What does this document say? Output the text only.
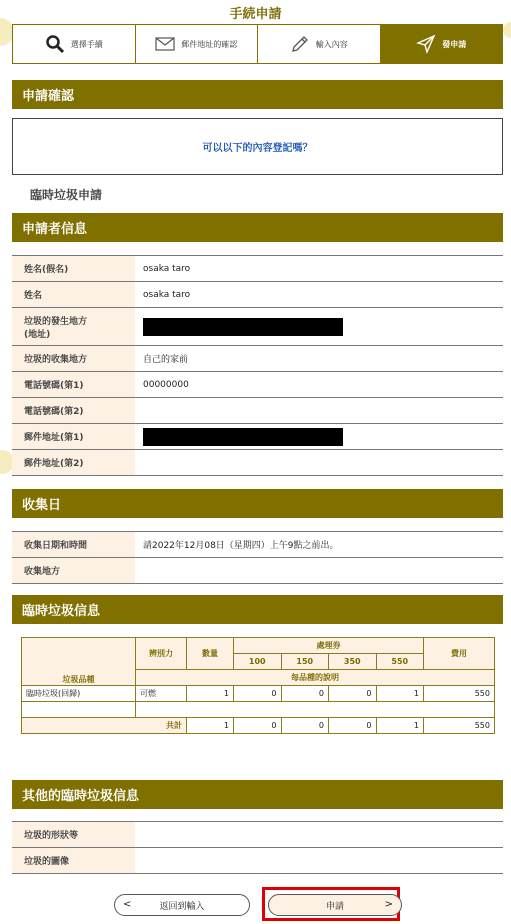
手続申請
選擇手續	郵件地址的確認	輸入內容	發申請
申請確認
可以以下的內容登記嗎？
臨時垃圾申請
申請者信息
姓名(假名)	osaka taro
姓名	osaka taro
垃圾的發生地方
(地址)	
垃圾的收集地方	自己的家前
電話號碼(第1)	00000000
電話號碼(第2)	
郵件地址(第1)	
郵件地址(第2)	
收集日
收集日期和時間	請2022年12月08日（星期四）上午9點之前出。
收集地方	
臨時垃圾信息
垃圾品種	辨別力	數量	處理券				費用
			100	150	350	550	
	每品種的說明						
臨時垃圾(回歸)	可燃	1	0	0	0	1	550

共計		1	0	0	0	1	550
其他的臨時垃圾信息
垃圾的形狀等	
垃圾的圖像	
<	返回到輸入	申請	>
